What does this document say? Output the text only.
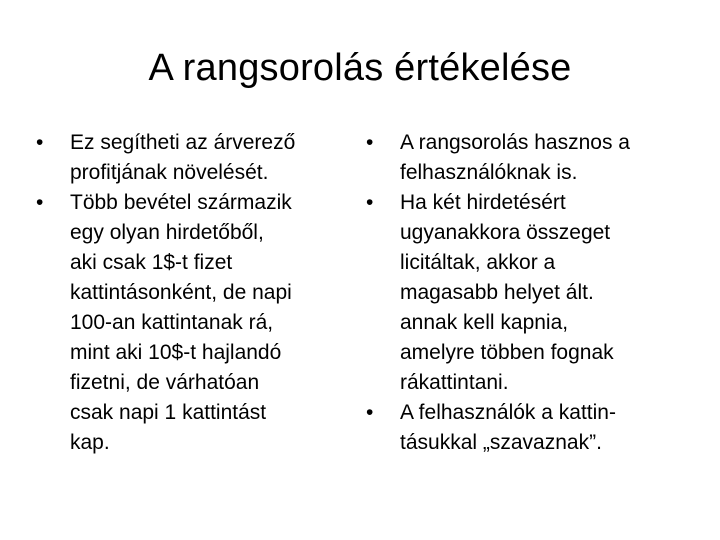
A rangsorolás értékelése
•	Ez segítheti az árverező
profitjának növelését.
•	Több bevétel származik
egy olyan hirdetőből,
aki csak 1$-t fizet
kattintásonként, de napi
100-an kattintanak rá,
mint aki 10$-t hajlandó
fizetni, de várhatóan
csak napi 1 kattintást
kap.
•	A rangsorolás hasznos a
felhasználóknak is.
•	Ha két hirdetésért
ugyanakkora összeget
licitáltak, akkor a
magasabb helyet ált.
annak kell kapnia,
amelyre többen fognak
rákattintani.
•	A felhasználók a kattin-
tásukkal „szavaznak”.
